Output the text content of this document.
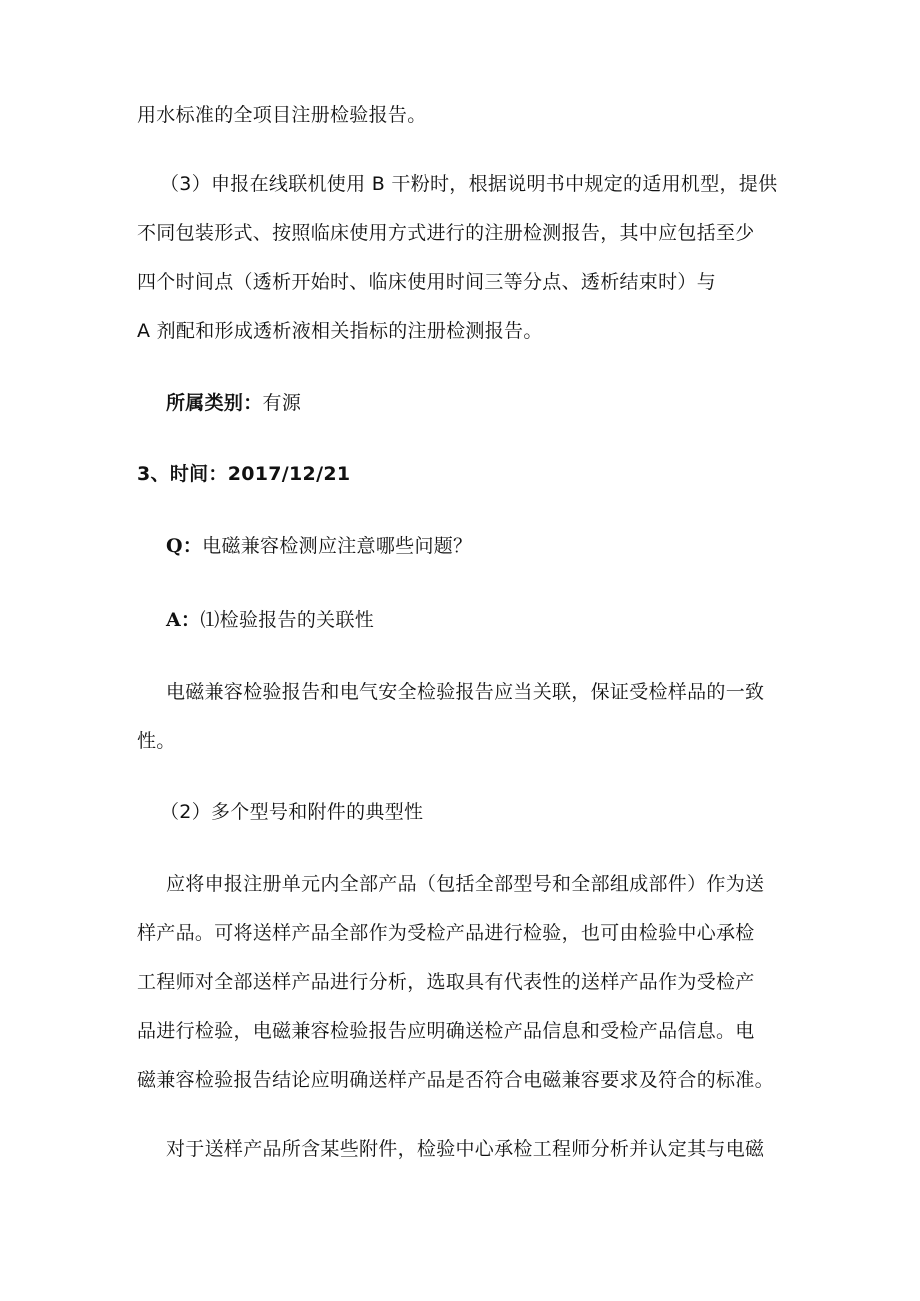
用水标准的全项目注册检验报告。
（3）申报在线联机使用 B 干粉时，根据说明书中规定的适用机型，提供
不同包装形式、按照临床使用方式进行的注册检测报告，其中应包括至少
四个时间点（透析开始时、临床使用时间三等分点、透析结束时）与
A 剂配和形成透析液相关指标的注册检测报告。
所属类别：有源
3、时间：2017/12/21
Q：电磁兼容检测应注意哪些问题？
A：⑴检验报告的关联性
电磁兼容检验报告和电气安全检验报告应当关联，保证受检样品的一致
性。
（2）多个型号和附件的典型性
应将申报注册单元内全部产品（包括全部型号和全部组成部件）作为送
样产品。可将送样产品全部作为受检产品进行检验，也可由检验中心承检
工程师对全部送样产品进行分析，选取具有代表性的送样产品作为受检产
品进行检验，电磁兼容检验报告应明确送检产品信息和受检产品信息。电
磁兼容检验报告结论应明确送样产品是否符合电磁兼容要求及符合的标准。
对于送样产品所含某些附件，检验中心承检工程师分析并认定其与电磁
